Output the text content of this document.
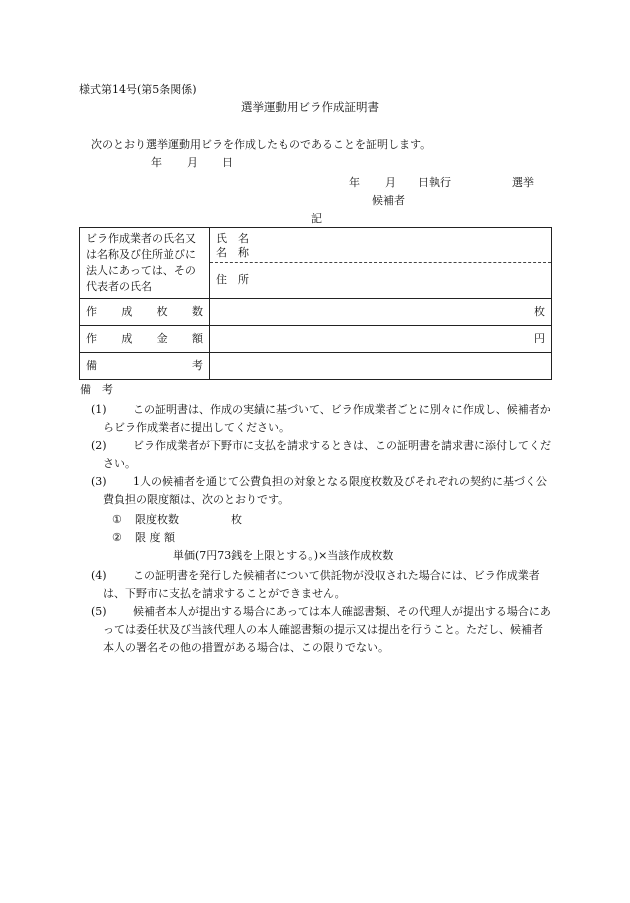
様式第14号(第5条関係)
選挙運動用ビラ作成証明書
次のとおり選挙運動用ビラを作成したものであることを証明します。
年 月 日
年 月 日執行	選挙
候補者
記
ビラ作成業者の氏名又は名称及び住所並びに法人にあっては、その代表者の氏名	氏　名
名　称
住　所

作 成 枚 数	枚

作 成 金 額	円

備 考	

備　考
(1)	この証明書は、作成の実績に基づいて、ビラ作成業者ごとに別々に作成し、候補者からビラ作成業者に提出してください。
(2)	ビラ作成業者が下野市に支払を請求するときは、この証明書を請求書に添付してください。
(3)	1人の候補者を通じて公費負担の対象となる限度枚数及びそれぞれの契約に基づく公費負担の限度額は、次のとおりです。
① 限度枚数	枚
② 限 度 額
単価(7円73銭を上限とする。)×当該作成枚数
(4)	この証明書を発行した候補者について供託物が没収された場合には、ビラ作成業者は、下野市に支払を請求することができません。
(5)	候補者本人が提出する場合にあっては本人確認書類、その代理人が提出する場合にあっては委任状及び当該代理人の本人確認書類の提示又は提出を行うこと。ただし、候補者本人の署名その他の措置がある場合は、この限りでない。
